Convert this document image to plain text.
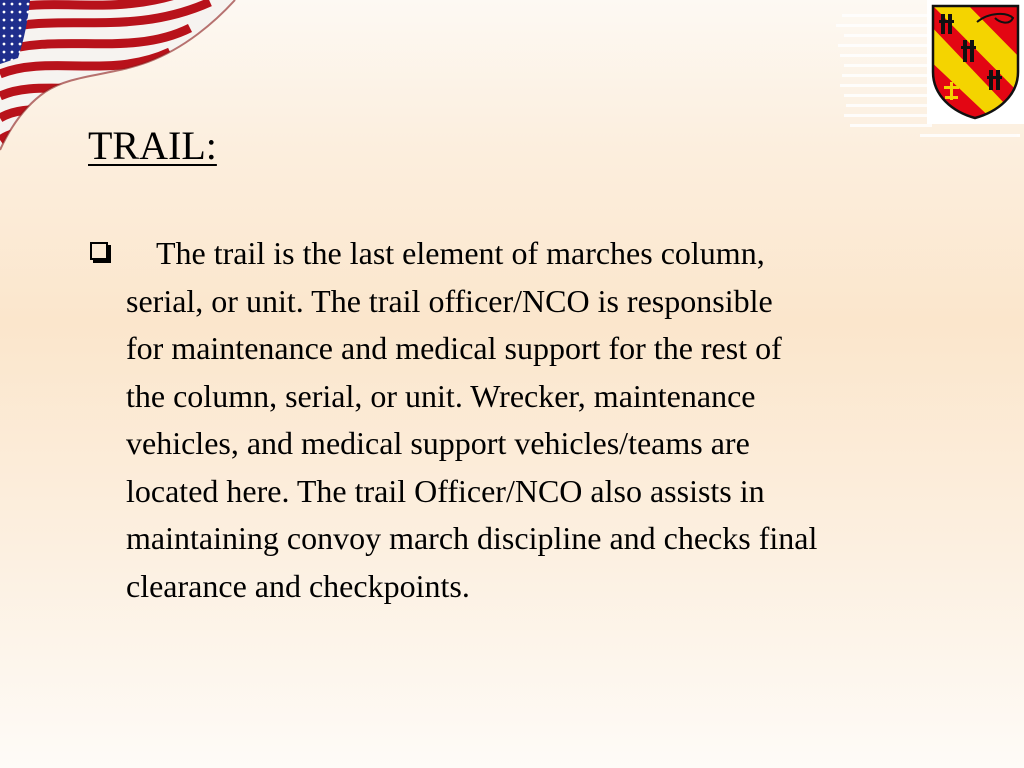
TRAIL:

The trail is the last element of marches column,
serial, or unit. The trail officer/NCO is responsible
for maintenance and medical support for the rest of
the column, serial, or unit. Wrecker, maintenance
vehicles, and medical support vehicles/teams are
located here. The trail Officer/NCO also assists in
maintaining convoy march discipline and checks final
clearance and checkpoints.
